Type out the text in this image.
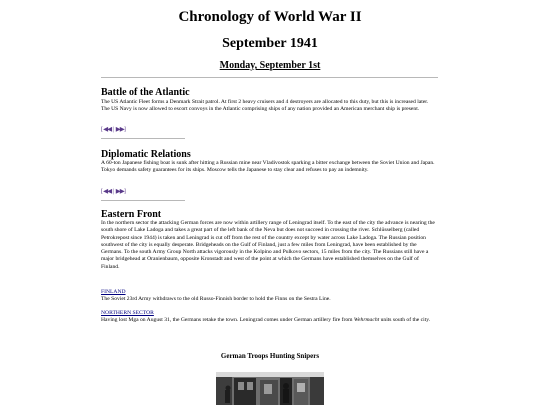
Chronology of World War II
September 1941
Monday, September 1st
Battle of the Atlantic
The US Atlantic Fleet forms a Denmark Strait patrol. At first 2 heavy cruisers and 4 destroyers are allocated to this duty, but this is increased later. The US Navy is now allowed to escort convoys in the Atlantic comprising ships of any nation provided an American merchant ship is present.
[◀◀ | ▶▶]
Diplomatic Relations
A 60-ton Japanese fishing boat is sunk after hitting a Russian mine near Vladivostok sparking a bitter exchange between the Soviet Union and Japan. Tokyo demands safety guarantees for its ships. Moscow tells the Japanese to stay clear and refuses to pay an indemnity.
[◀◀ | ▶▶]
Eastern Front
In the northern sector the attacking German forces are now within artillery range of Leningrad itself. To the east of the city the advance is nearing the south shore of Lake Ladoga and takes a great part of the left bank of the Neva but does not succeed in crossing the river. Schlüsselberg (called Petrokrepost since 1944) is taken and Leningrad is cut off from the rest of the country except by water across Lake Ladoga. The Russian position southwest of the city is equally desperate. Bridgeheads on the Gulf of Finland, just a few miles from Leningrad, have been established by the Germans. To the south Army Group North attacks vigorously in the Kolpino and Pulkovo sectors, 15 miles from the city. The Russians still have a major bridgehead at Oranienbaum, opposite Kronstadt and west of the point at which the Germans have established themselves on the Gulf of Finland.
FINLAND
The Soviet 23rd Army withdraws to the old Russo-Finnish border to hold the Finns on the Sestra Line.
NORTHERN SECTOR
Having lost Mga on August 31, the Germans retake the town. Leningrad comes under German artillery fire from Wehrmacht units south of the city.
German Troops Hunting Snipers
